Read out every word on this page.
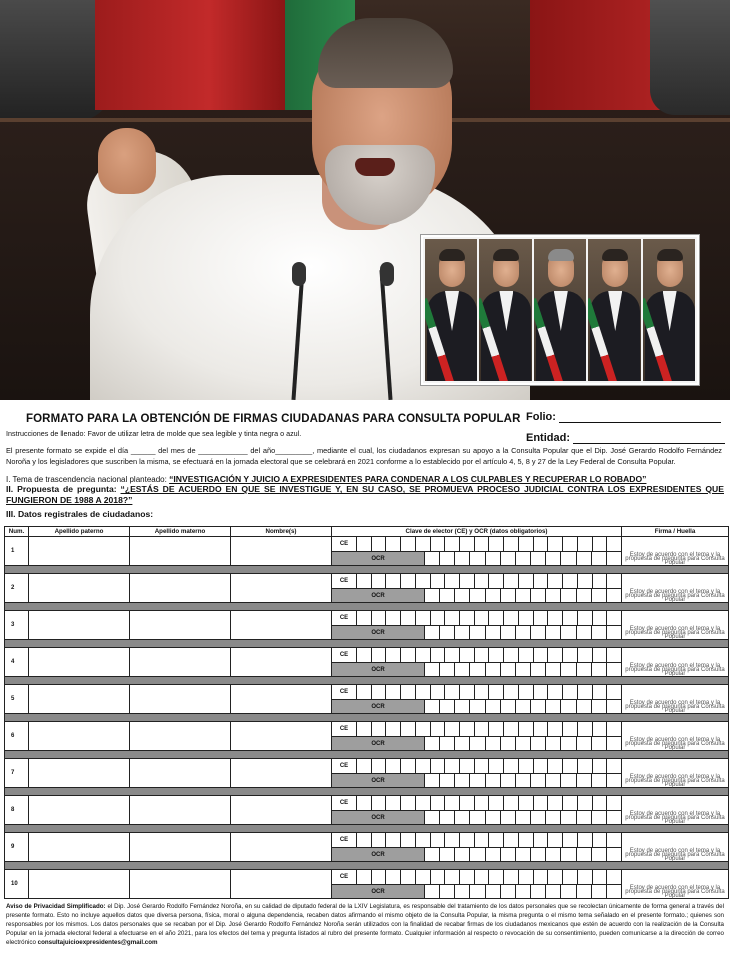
FORMATO PARA LA OBTENCIÓN DE FIRMAS CIUDADANAS PARA CONSULTA POPULAR Folio:
Entidad:
Instrucciones de llenado: Favor de utilizar letra de molde que sea legible y tinta negra o azul.
El presente formato se expide el día ______ del mes de ____________ del año_________, mediante el cual, los ciudadanos expresan su apoyo a la Consulta Popular que el Dip. José Gerardo Rodolfo Fernández Noroña y los legisladores que suscriben la misma, se efectuará en la jornada electoral que se celebrará en 2021 conforme a lo establecido por el artículo 4, 5, 8 y 27 de la Ley Federal de Consulta Popular.
I. Tema de trascendencia nacional planteado: “INVESTIGACIÓN Y JUICIO A EXPRESIDENTES PARA CONDENAR A LOS CULPABLES Y RECUPERAR LO ROBADO”
II. Propuesta de pregunta: “¿ESTÁS DE ACUERDO EN QUE SE INVESTIGUE Y, EN SU CASO, SE PROMUEVA PROCESO JUDICIAL CONTRA LOS EXPRESIDENTES QUE FUNGIERON DE 1988 A 2018?”
III. Datos registrales de ciudadanos:
Num.	Apellido paterno	Apellido materno	Nombre(s)	Clave de elector (CE) y OCR (datos obligatorios)	Firma / Huella
1				CE	Estoy de acuerdo con el tema y la propuesta de pregunta para Consulta Popular

OCR	

2				CE	Estoy de acuerdo con el tema y la propuesta de pregunta para Consulta Popular

OCR	

3				CE	Estoy de acuerdo con el tema y la propuesta de pregunta para Consulta Popular

OCR	

4				CE	Estoy de acuerdo con el tema y la propuesta de pregunta para Consulta Popular

OCR	

5				CE	Estoy de acuerdo con el tema y la propuesta de pregunta para Consulta Popular

OCR	

6				CE	Estoy de acuerdo con el tema y la propuesta de pregunta para Consulta Popular

OCR	

7				CE	Estoy de acuerdo con el tema y la propuesta de pregunta para Consulta Popular

OCR	

8				CE	Estoy de acuerdo con el tema y la propuesta de pregunta para Consulta Popular

OCR	

9				CE	Estoy de acuerdo con el tema y la propuesta de pregunta para Consulta Popular

OCR	

10				CE	Estoy de acuerdo con el tema y la propuesta de pregunta para Consulta Popular

OCR	
Aviso de Privacidad Simplificado: el Dip. José Gerardo Rodolfo Fernández Noroña, en su calidad de diputado federal de la LXIV Legislatura, es responsable del tratamiento de los datos personales que se recolectan únicamente de forma general a través del presente formato. Esto no incluye aquellos datos que diversa persona, física, moral o alguna dependencia, recaben datos afirmando el mismo objeto de la Consulta Popular, la misma pregunta o el mismo tema señalado en el presente formato.; quienes son responsables por los mismos. Los datos personales que se recaban por el Dip. José Gerardo Rodolfo Fernández Noroña serán utilizados con la finalidad de recabar firmas de los ciudadanos mexicanos que estén de acuerdo con la realización de la Consulta Popular en la jornada electoral federal a efectuarse en el año 2021, para los efectos del tema y pregunta listados al rubro del presente formato. Cualquier información al respecto o revocación de su consentimiento, pueden comunicarse a la dirección de correo electrónico consultajuicioexpresidentes@gmail.com
